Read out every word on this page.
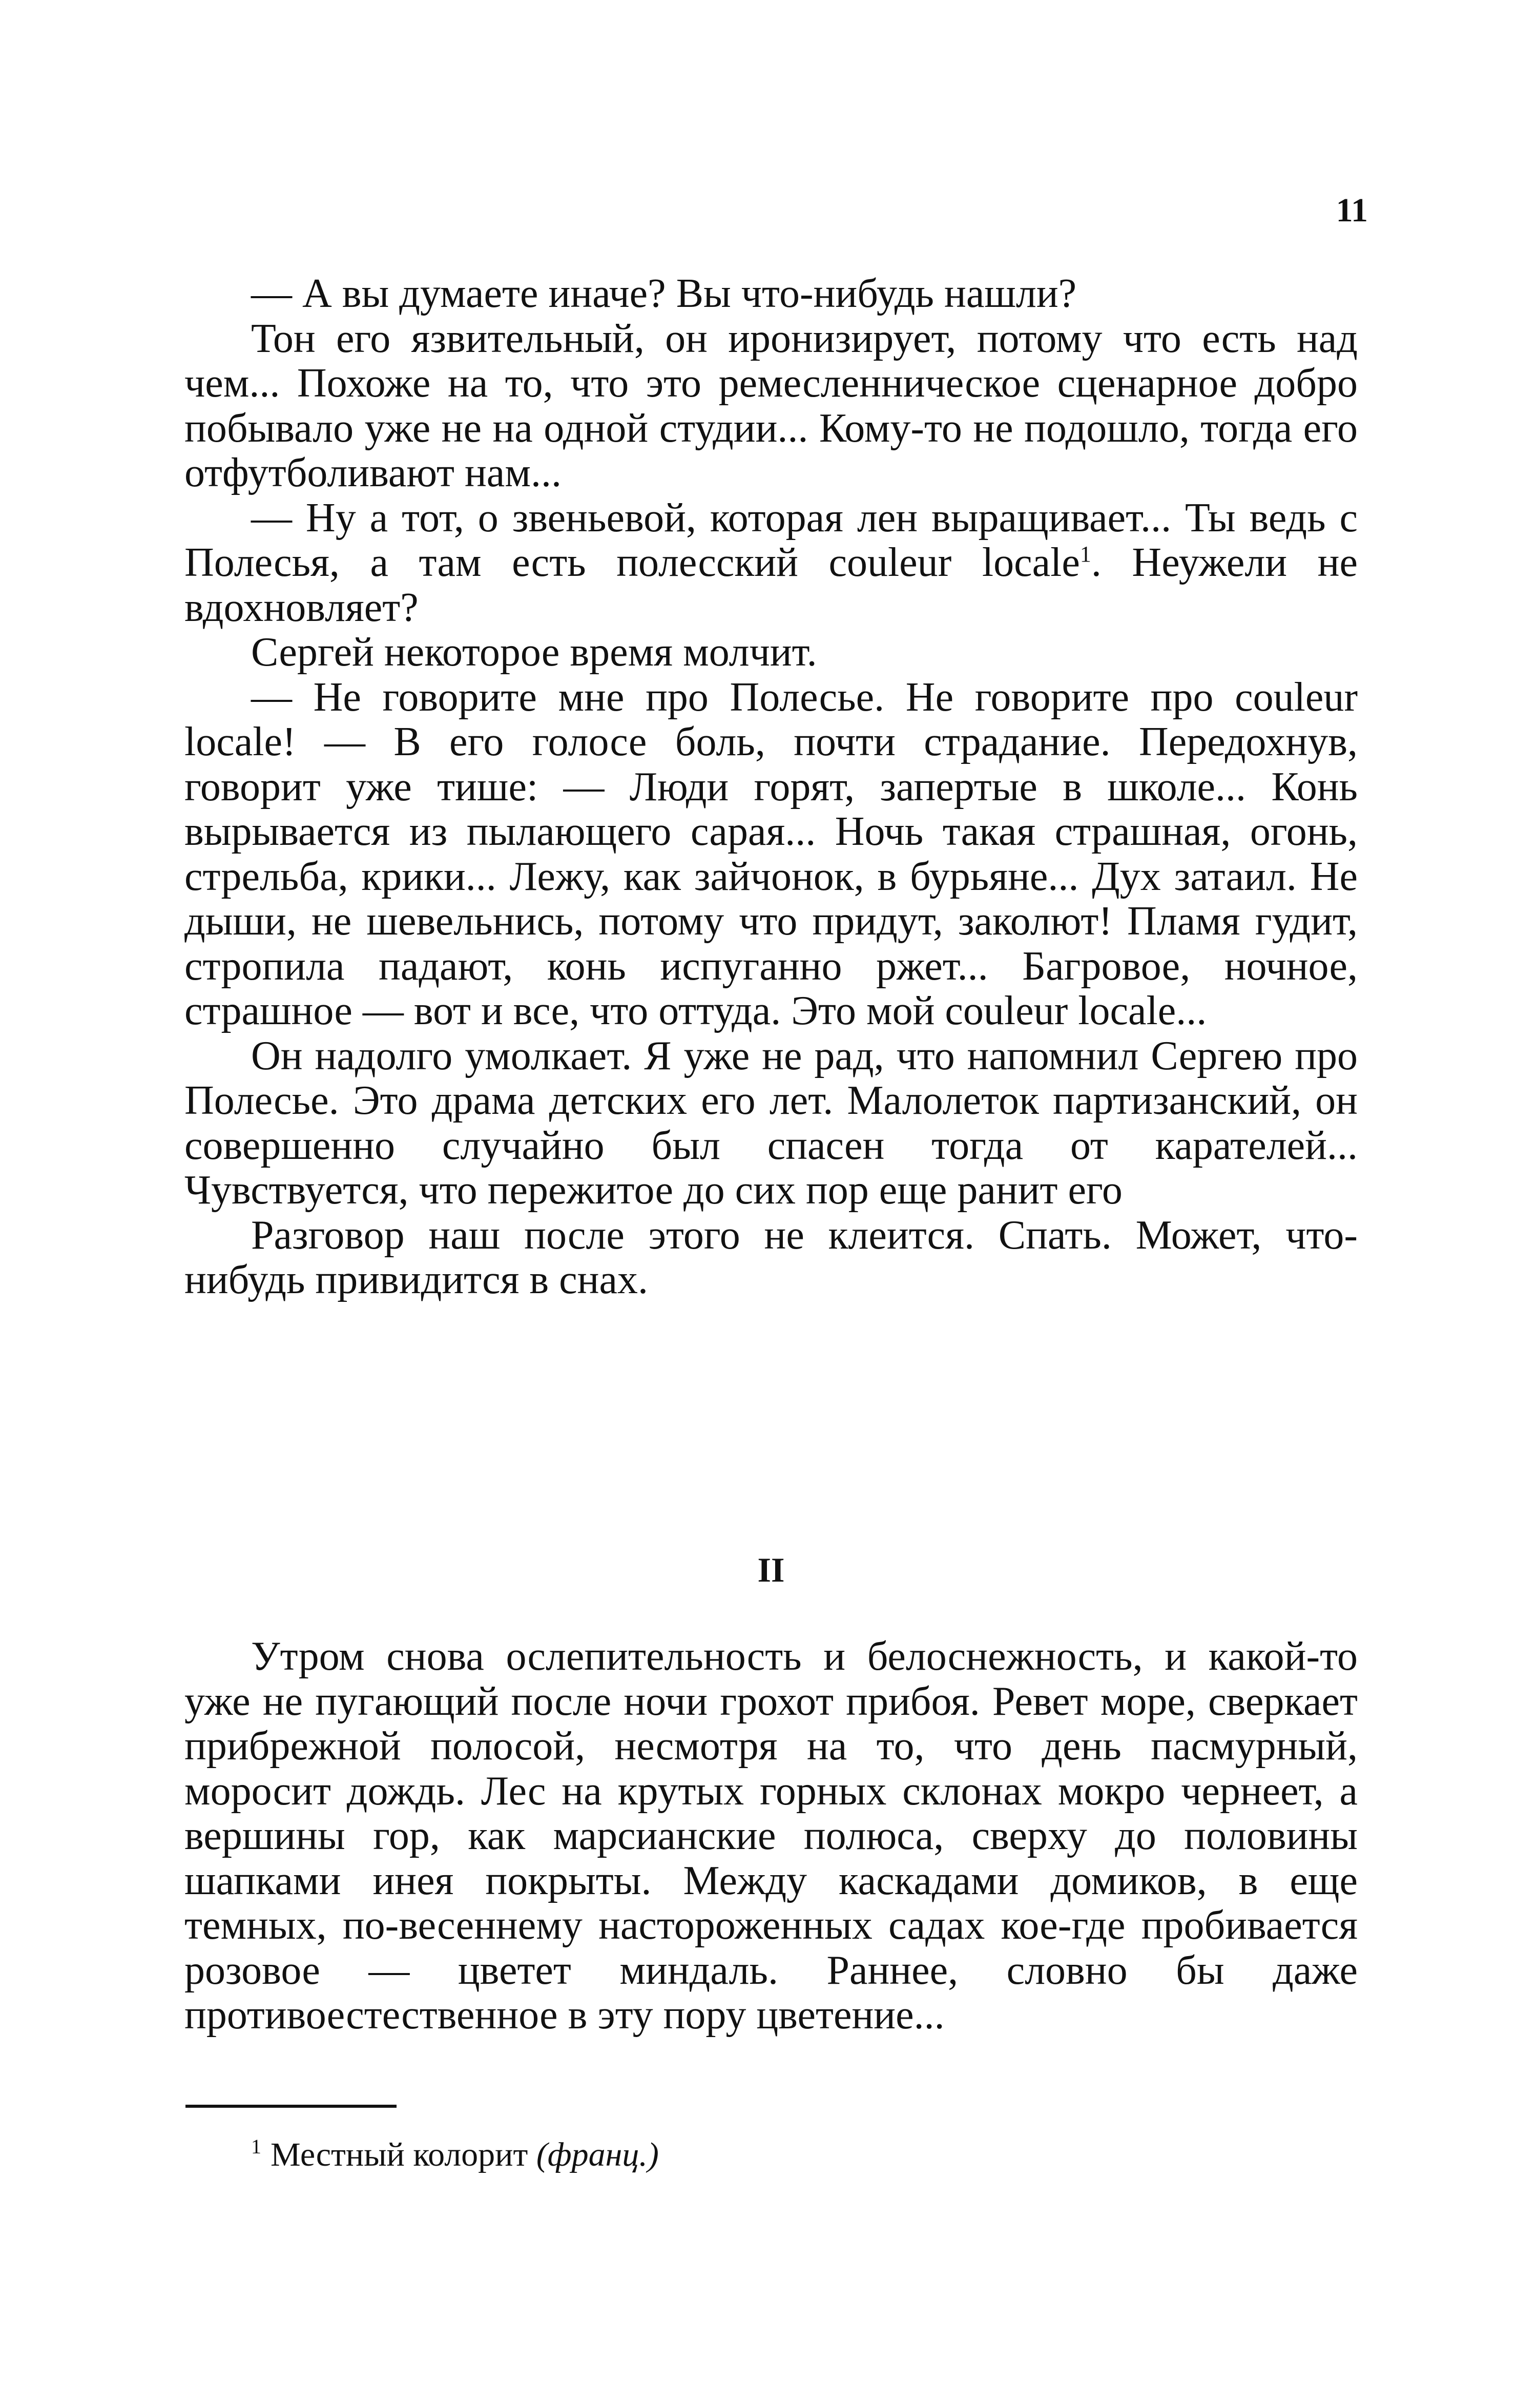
11

— А вы думаете иначе? Вы что-нибудь нашли?

Тон его язвительный, он иронизирует, потому что есть над чем... Похоже на то, что это ремесленническое сценарное добро побывало уже не на одной студии... Кому-то не подошло, тогда его отфутболивают нам...

— Ну а тот, о звеньевой, которая лен выращивает... Ты ведь с Полесья, а там есть полесский couleur locale$^1$. Неужели не вдохновляет?

Сергей некоторое время молчит.

— Не говорите мне про Полесье. Не говорите про couleur locale! — В его голосе боль, почти страдание. Передохнув, говорит уже тише: — Люди горят, запертые в школе... Конь вырывается из пылающего сарая... Ночь такая страшная, огонь, стрельба, крики... Лежу, как зайчонок, в бурьяне... Дух затаил. Не дыши, не шевельнись, потому что придут, заколют! Пламя гудит, стропила падают, конь испуганно ржет... Багровое, ночное, страшное — вот и все, что оттуда. Это мой couleur locale...

Он надолго умолкает. Я уже не рад, что напомнил Сергею про Полесье. Это драма детских его лет. Малолеток партизанский, он совершенно случайно был спасен тогда от карателей... Чувствуется, что пережитое до сих пор еще ранит его

Разговор наш после этого не клеится. Спать. Может, что-нибудь привидится в снах.

II

Утром снова ослепительность и белоснежность, и какой-то уже не пугающий после ночи грохот прибоя. Ревет море, сверкает прибрежной полосой, несмотря на то, что день пасмурный, моросит дождь. Лес на крутых горных склонах мокро чернеет, а вершины гор, как марсианские полюса, сверху до половины шапками инея покрыты. Между каскадами домиков, в еще темных, по-весеннему настороженных садах кое-где пробивается розовое — цветет миндаль. Раннее, словно бы даже противоестественное в эту пору цветение...

$^1$ Местный колорит (франц.)
